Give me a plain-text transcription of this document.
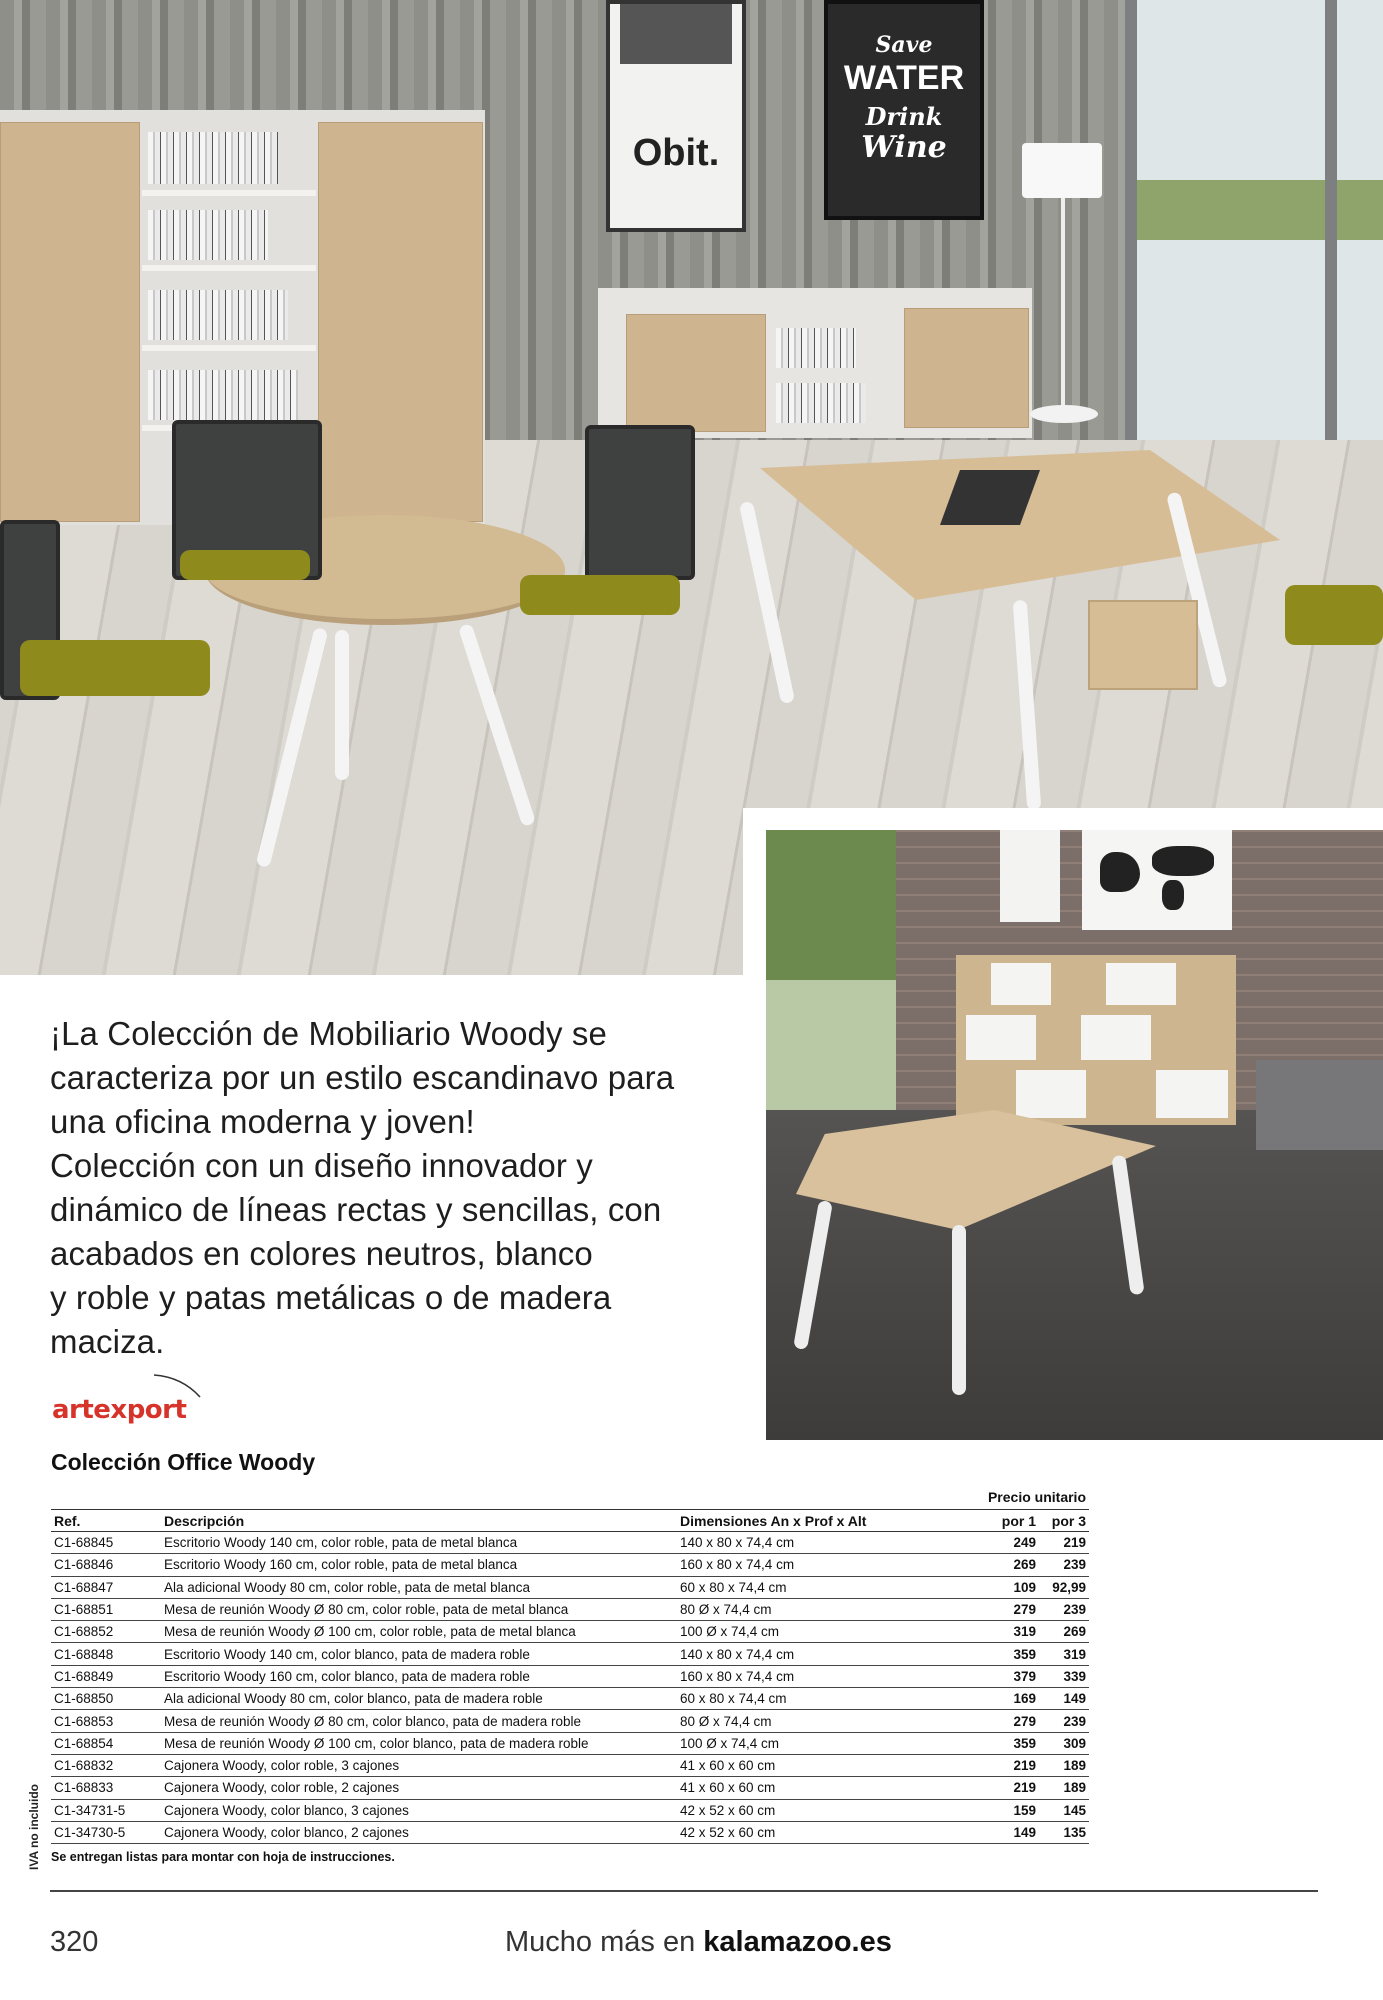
Obit.
Save
WATER
Drink
Wine

¡La Colección de Mobiliario Woody se

caracteriza por un estilo escandinavo para

una oficina moderna y joven!

Colección con un diseño innovador y

dinámico de líneas rectas y sencillas, con

acabados en colores neutros, blanco

y roble y patas metálicas o de madera

maciza.

artexport
Colección Office Woody
Precio unitario
Ref.	Descripción	Dimensiones An x Prof x Alt	por 1	por 3
C1-68845	Escritorio Woody 140 cm, color roble, pata de metal blanca	140 x 80 x 74,4 cm	249	219
C1-68846	Escritorio Woody 160 cm, color roble, pata de metal blanca	160 x 80 x 74,4 cm	269	239
C1-68847	Ala adicional Woody 80 cm, color roble, pata de metal blanca	60 x 80 x 74,4 cm	109	92,99
C1-68851	Mesa de reunión Woody Ø 80 cm, color roble, pata de metal blanca	80 Ø x 74,4 cm	279	239
C1-68852	Mesa de reunión Woody Ø 100 cm, color roble, pata de metal blanca	100 Ø x 74,4 cm	319	269
C1-68848	Escritorio Woody 140 cm, color blanco, pata de madera roble	140 x 80 x 74,4 cm	359	319
C1-68849	Escritorio Woody 160 cm, color blanco, pata de madera roble	160 x 80 x 74,4 cm	379	339
C1-68850	Ala adicional Woody 80 cm, color blanco, pata de madera roble	60 x 80 x 74,4 cm	169	149
C1-68853	Mesa de reunión Woody Ø 80 cm, color blanco, pata de madera roble	80 Ø x 74,4 cm	279	239
C1-68854	Mesa de reunión Woody Ø 100 cm, color blanco, pata de madera roble	100 Ø x 74,4 cm	359	309
C1-68832	Cajonera Woody, color roble, 3 cajones	41 x 60 x 60 cm	219	189
C1-68833	Cajonera Woody, color roble, 2 cajones	41 x 60 x 60 cm	219	189
C1-34731-5	Cajonera Woody, color blanco, 3 cajones	42 x 52 x 60 cm	159	145
C1-34730-5	Cajonera Woody, color blanco, 2 cajones	42 x 52 x 60 cm	149	135
Se entregan listas para montar con hoja de instrucciones.
IVA no incluido
320	Mucho más en kalamazoo.es
